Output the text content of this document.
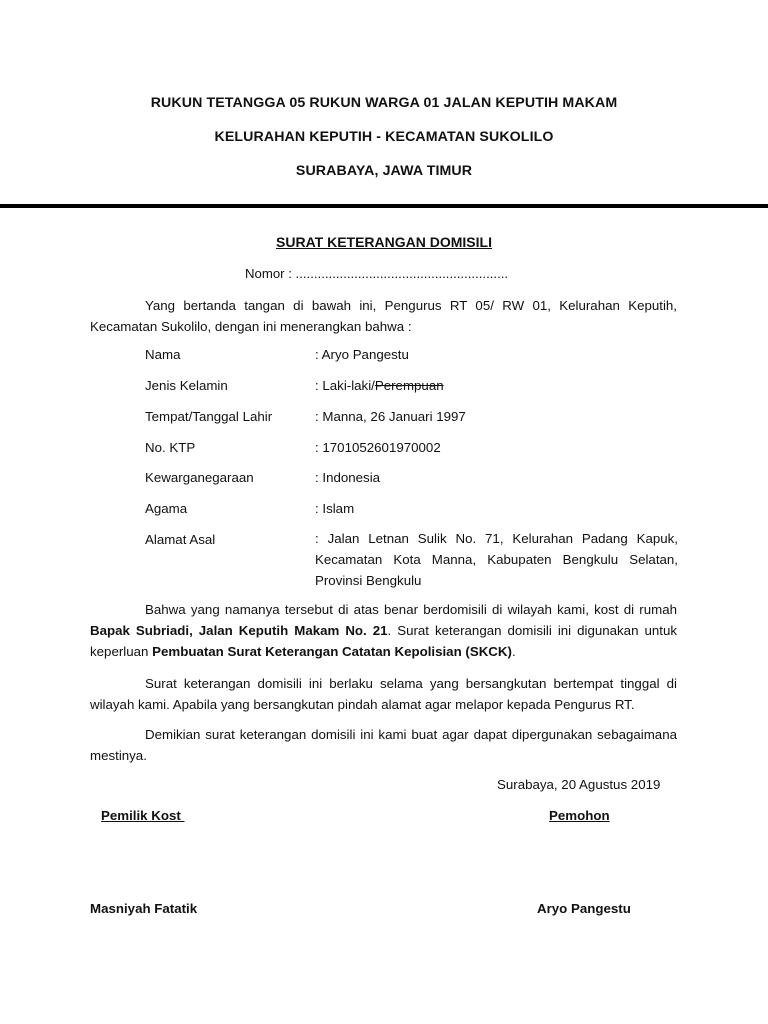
RUKUN TETANGGA 05 RUKUN WARGA 01 JALAN KEPUTIH MAKAM
KELURAHAN KEPUTIH - KECAMATAN SUKOLILO
SURABAYA, JAWA TIMUR
SURAT KETERANGAN DOMISILI
Nomor : ..........................................................
Yang bertanda tangan di bawah ini, Pengurus RT 05/ RW 01, Kelurahan Keputih, Kecamatan Sukolilo, dengan ini menerangkan bahwa :
Nama	: Aryo Pangestu
Jenis Kelamin	: Laki-laki/Perempuan
Tempat/Tanggal Lahir	: Manna, 26 Januari 1997
No. KTP	: 1701052601970002
Kewarganegaraan	: Indonesia
Agama	: Islam
Alamat Asal	: Jalan Letnan Sulik No. 71, Kelurahan Padang Kapuk, Kecamatan Kota Manna, Kabupaten Bengkulu Selatan, Provinsi Bengkulu
Bahwa yang namanya tersebut di atas benar berdomisili di wilayah kami, kost di rumah Bapak Subriadi, Jalan Keputih Makam No. 21. Surat keterangan domisili ini digunakan untuk keperluan Pembuatan Surat Keterangan Catatan Kepolisian (SKCK).
Surat keterangan domisili ini berlaku selama yang bersangkutan bertempat tinggal di wilayah kami. Apabila yang bersangkutan pindah alamat agar melapor kepada Pengurus RT.
Demikian surat keterangan domisili ini kami buat agar dapat dipergunakan sebagaimana mestinya.
Surabaya, 20 Agustus 2019
Pemilik Kost	Pemohon
Masniyah Fatatik	Aryo Pangestu
